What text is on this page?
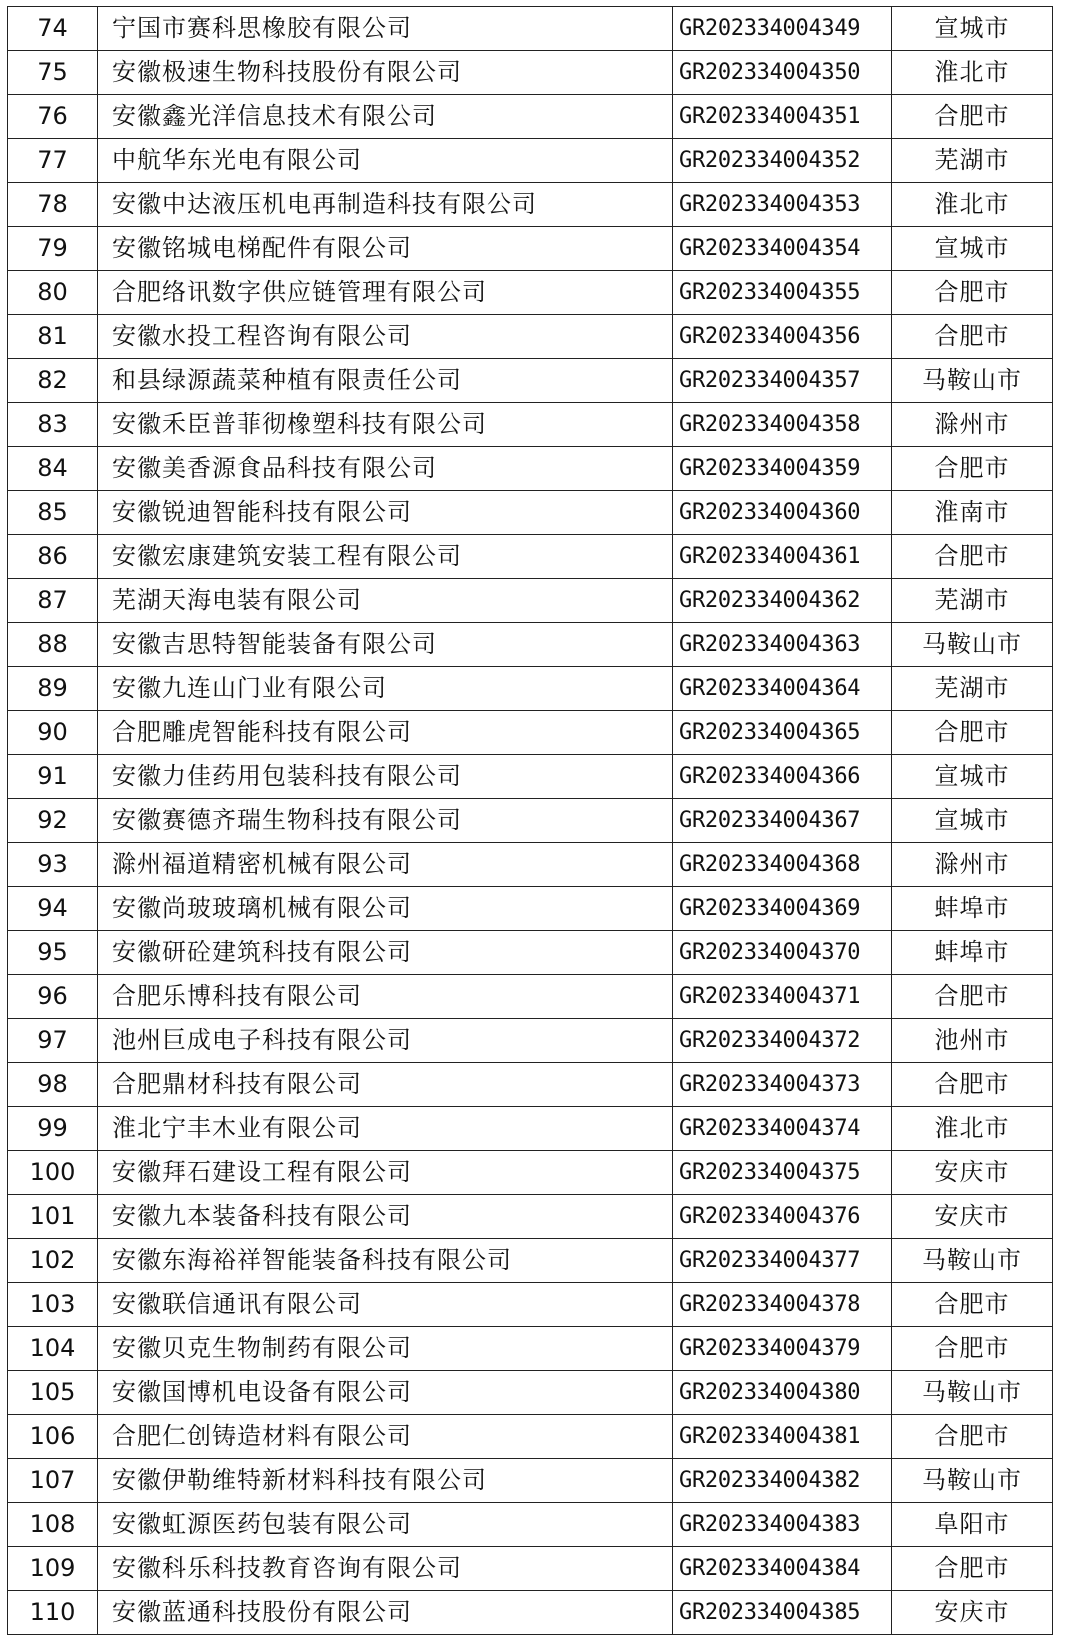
74	宁国市赛科思橡胶有限公司	GR202334004349	宣城市
75	安徽极速生物科技股份有限公司	GR202334004350	淮北市
76	安徽鑫光洋信息技术有限公司	GR202334004351	合肥市
77	中航华东光电有限公司	GR202334004352	芜湖市
78	安徽中达液压机电再制造科技有限公司	GR202334004353	淮北市
79	安徽铭城电梯配件有限公司	GR202334004354	宣城市
80	合肥络讯数字供应链管理有限公司	GR202334004355	合肥市
81	安徽水投工程咨询有限公司	GR202334004356	合肥市
82	和县绿源蔬菜种植有限责任公司	GR202334004357	马鞍山市
83	安徽禾臣普菲彻橡塑科技有限公司	GR202334004358	滁州市
84	安徽美香源食品科技有限公司	GR202334004359	合肥市
85	安徽锐迪智能科技有限公司	GR202334004360	淮南市
86	安徽宏康建筑安装工程有限公司	GR202334004361	合肥市
87	芜湖天海电装有限公司	GR202334004362	芜湖市
88	安徽吉思特智能装备有限公司	GR202334004363	马鞍山市
89	安徽九连山门业有限公司	GR202334004364	芜湖市
90	合肥雕虎智能科技有限公司	GR202334004365	合肥市
91	安徽力佳药用包装科技有限公司	GR202334004366	宣城市
92	安徽赛德齐瑞生物科技有限公司	GR202334004367	宣城市
93	滁州福道精密机械有限公司	GR202334004368	滁州市
94	安徽尚玻玻璃机械有限公司	GR202334004369	蚌埠市
95	安徽研砼建筑科技有限公司	GR202334004370	蚌埠市
96	合肥乐博科技有限公司	GR202334004371	合肥市
97	池州巨成电子科技有限公司	GR202334004372	池州市
98	合肥鼎材科技有限公司	GR202334004373	合肥市
99	淮北宁丰木业有限公司	GR202334004374	淮北市
100	安徽拜石建设工程有限公司	GR202334004375	安庆市
101	安徽九本装备科技有限公司	GR202334004376	安庆市
102	安徽东海裕祥智能装备科技有限公司	GR202334004377	马鞍山市
103	安徽联信通讯有限公司	GR202334004378	合肥市
104	安徽贝克生物制药有限公司	GR202334004379	合肥市
105	安徽国博机电设备有限公司	GR202334004380	马鞍山市
106	合肥仁创铸造材料有限公司	GR202334004381	合肥市
107	安徽伊勒维特新材料科技有限公司	GR202334004382	马鞍山市
108	安徽虹源医药包装有限公司	GR202334004383	阜阳市
109	安徽科乐科技教育咨询有限公司	GR202334004384	合肥市
110	安徽蓝通科技股份有限公司	GR202334004385	安庆市
